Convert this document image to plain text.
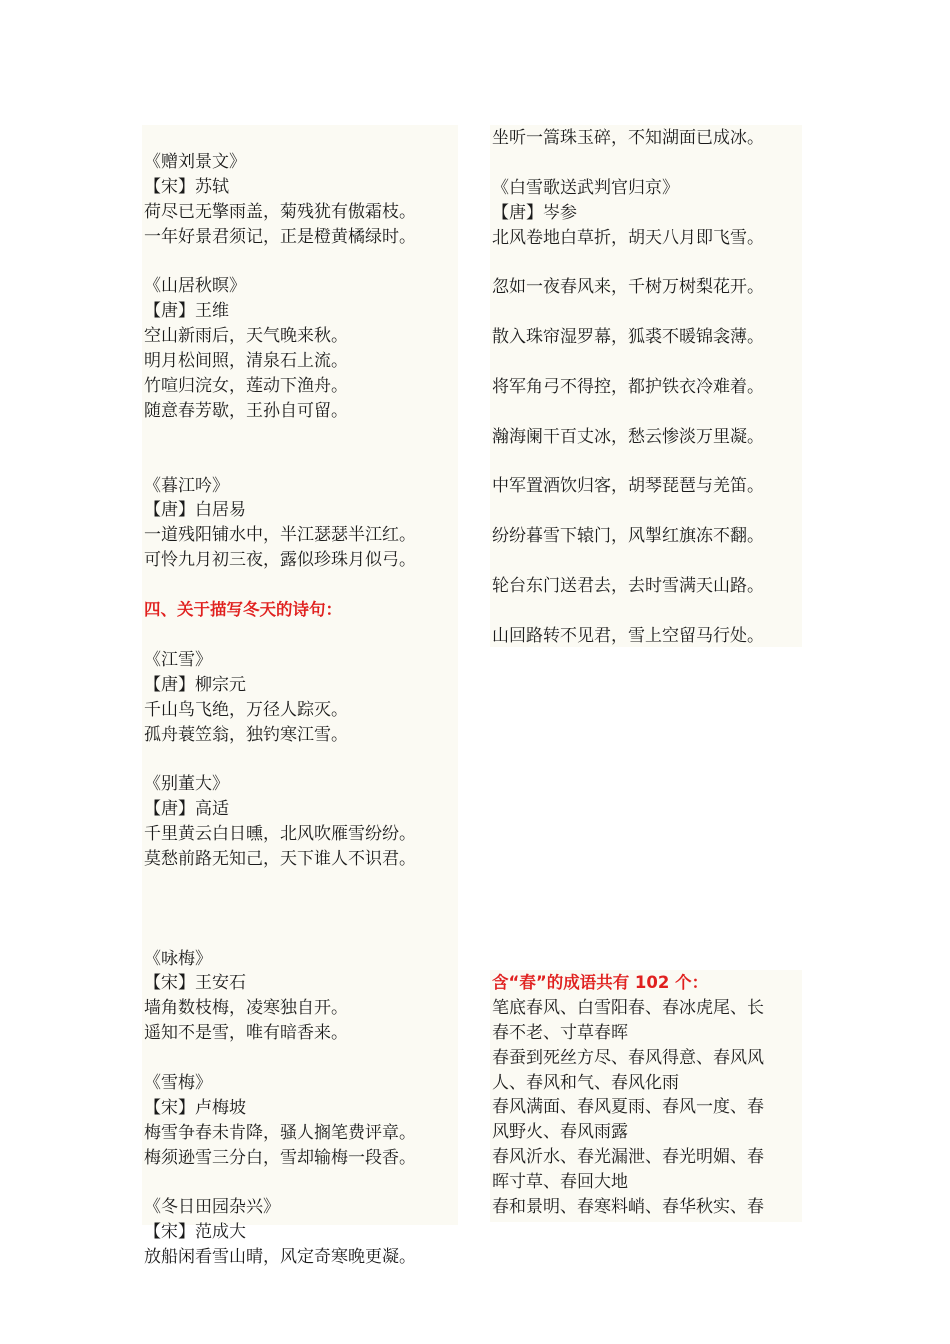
《赠刘景文》
【宋】苏轼
荷尽已无擎雨盖，菊残犹有傲霜枝。
一年好景君须记，正是橙黄橘绿时。
《山居秋暝》
【唐】王维
空山新雨后，天气晚来秋。
明月松间照，清泉石上流。
竹喧归浣女，莲动下渔舟。
随意春芳歇，王孙自可留。
《暮江吟》
【唐】白居易
一道残阳铺水中，半江瑟瑟半江红。
可怜九月初三夜，露似珍珠月似弓。
四、关于描写冬天的诗句：
《江雪》
【唐】柳宗元
千山鸟飞绝，万径人踪灭。
孤舟蓑笠翁，独钓寒江雪。
《别董大》
【唐】高适
千里黄云白日曛，北风吹雁雪纷纷。
莫愁前路无知己，天下谁人不识君。
《咏梅》
【宋】王安石
墙角数枝梅，凌寒独自开。
遥知不是雪，唯有暗香来。
《雪梅》
【宋】卢梅坡
梅雪争春未肯降，骚人搁笔费评章。
梅须逊雪三分白，雪却输梅一段香。
《冬日田园杂兴》
【宋】范成大
放船闲看雪山晴，风定奇寒晚更凝。
坐听一篙珠玉碎，不知湖面已成冰。
《白雪歌送武判官归京》
【唐】岑参
北风卷地白草折，胡天八月即飞雪。
忽如一夜春风来，千树万树梨花开。
散入珠帘湿罗幕，狐裘不暖锦衾薄。
将军角弓不得控，都护铁衣冷难着。
瀚海阑干百丈冰，愁云惨淡万里凝。
中军置酒饮归客，胡琴琵琶与羌笛。
纷纷暮雪下辕门，风掣红旗冻不翻。
轮台东门送君去，去时雪满天山路。
山回路转不见君，雪上空留马行处。
含“春”的成语共有 102 个：
笔底春风、白雪阳春、春冰虎尾、长
春不老、寸草春晖
春蚕到死丝方尽、春风得意、春风风
人、春风和气、春风化雨
春风满面、春风夏雨、春风一度、春
风野火、春风雨露
春风沂水、春光漏泄、春光明媚、春
晖寸草、春回大地
春和景明、春寒料峭、春华秋实、春
